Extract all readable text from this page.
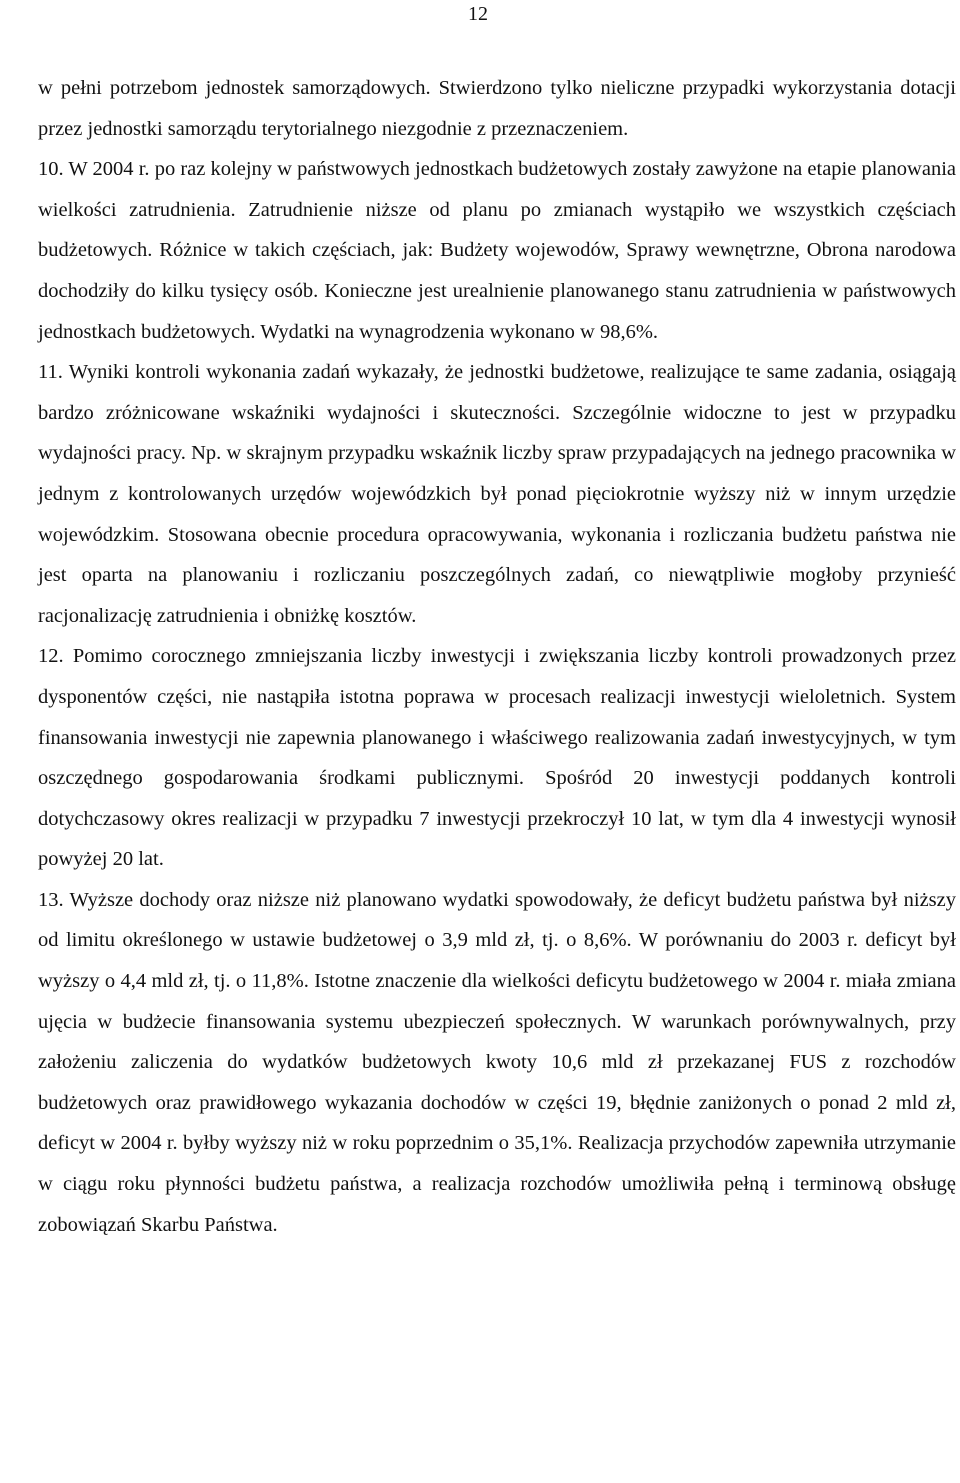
12

w pełni potrzebom jednostek samorządowych. Stwierdzono tylko nieliczne przypadki wykorzystania dotacji przez jednostki samorządu terytorialnego niezgodnie z przeznaczeniem.

10. W 2004 r. po raz kolejny w państwowych jednostkach budżetowych zostały zawyżone na etapie planowania wielkości zatrudnienia. Zatrudnienie niższe od planu po zmianach wystąpiło we wszystkich częściach budżetowych. Różnice w takich częściach, jak: Budżety wojewodów, Sprawy wewnętrzne, Obrona narodowa dochodziły do kilku tysięcy osób. Konieczne jest urealnienie planowanego stanu zatrudnienia w państwowych jednostkach budżetowych. Wydatki na wynagrodzenia wykonano w 98,6%.

11. Wyniki kontroli wykonania zadań wykazały, że jednostki budżetowe, realizujące te same zadania, osiągają bardzo zróżnicowane wskaźniki wydajności i skuteczności. Szczególnie widoczne to jest w przypadku wydajności pracy. Np. w skrajnym przypadku wskaźnik liczby spraw przypadających na jednego pracownika w jednym z kontrolowanych urzędów wojewódzkich był ponad pięciokrotnie wyższy niż w innym urzędzie wojewódzkim. Stosowana obecnie procedura opracowywania, wykonania i rozliczania budżetu państwa nie jest oparta na planowaniu i rozliczaniu poszczególnych zadań, co niewątpliwie mogłoby przynieść racjonalizację zatrudnienia i obniżkę kosztów.

12. Pomimo corocznego zmniejszania liczby inwestycji i zwiększania liczby kontroli prowadzonych przez dysponentów części, nie nastąpiła istotna poprawa w procesach realizacji inwestycji wieloletnich. System finansowania inwestycji nie zapewnia planowanego i właściwego realizowania zadań inwestycyjnych, w tym oszczędnego gospodarowania środkami publicznymi. Spośród 20 inwestycji poddanych kontroli dotychczasowy okres realizacji w przypadku 7 inwestycji przekroczył 10 lat, w tym dla 4 inwestycji wynosił powyżej 20 lat.

13. Wyższe dochody oraz niższe niż planowano wydatki spowodowały, że deficyt budżetu państwa był niższy od limitu określonego w ustawie budżetowej o 3,9 mld zł, tj. o 8,6%. W porównaniu do 2003 r. deficyt był wyższy o 4,4 mld zł, tj. o 11,8%. Istotne znaczenie dla wielkości deficytu budżetowego w 2004 r. miała zmiana ujęcia w budżecie finansowania systemu ubezpieczeń społecznych. W warunkach porównywalnych, przy założeniu zaliczenia do wydatków budżetowych kwoty 10,6 mld zł przekazanej FUS z rozchodów budżetowych oraz prawidłowego wykazania dochodów w części 19, błędnie zaniżonych o ponad 2 mld zł, deficyt w 2004 r. byłby wyższy niż w roku poprzednim o 35,1%. Realizacja przychodów zapewniła utrzymanie w ciągu roku płynności budżetu państwa, a realizacja rozchodów umożliwiła pełną i terminową obsługę zobowiązań Skarbu Państwa.
